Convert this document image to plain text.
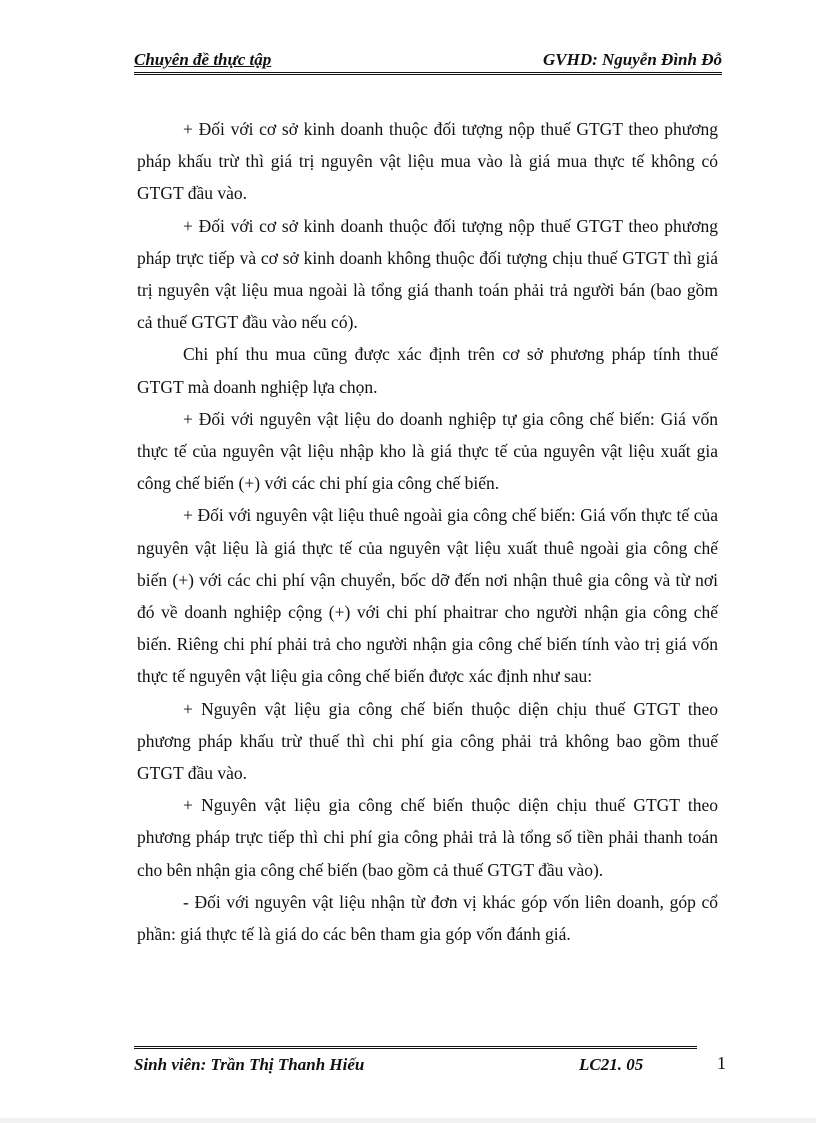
Chuyên đề thực tập	GVHD: Nguyễn Đình Đỗ

+ Đối với cơ sở kinh doanh thuộc đối tượng nộp thuế GTGT theo phương pháp khấu trừ thì giá trị nguyên vật liệu mua vào là giá mua thực tế không có GTGT đầu vào.

+ Đối với cơ sở kinh doanh thuộc đối tượng nộp thuế GTGT theo phương pháp trực tiếp và cơ sở kinh doanh không thuộc đối tượng chịu thuế GTGT thì giá trị nguyên vật liệu mua ngoài là tổng giá thanh toán phải trả người bán (bao gồm cả thuế GTGT đầu vào nếu có).

Chi phí thu mua cũng được xác định trên cơ sở phương pháp tính thuế GTGT mà doanh nghiệp lựa chọn.

+ Đối với nguyên vật liệu do doanh nghiệp tự gia công chế biến: Giá vốn thực tế của nguyên vật liệu nhập kho là giá thực tế của nguyên vật liệu xuất gia công chế biến (+) với các chi phí gia công chế biến.

+ Đối với nguyên vật liệu thuê ngoài gia công chế biến: Giá vốn thực tế của nguyên vật liệu là giá thực tế của nguyên vật liệu xuất thuê ngoài gia công chế biến (+) với các chi phí vận chuyển, bốc dỡ đến nơi nhận thuê gia công và từ nơi đó về doanh nghiệp cộng (+) với chi phí phaitrar cho người nhận gia công chế biến. Riêng chi phí phải trả cho người nhận gia công chế biến tính vào trị giá vốn thực tế nguyên vật liệu gia công chế biến được xác định như sau:

+ Nguyên vật liệu gia công chế biến thuộc diện chịu thuế GTGT theo phương pháp khấu trừ thuế thì chi phí gia công phải trả không bao gồm thuế GTGT đầu vào.

+ Nguyên vật liệu gia công chế biến thuộc diện chịu thuế GTGT theo phương pháp trực tiếp thì chi phí gia công phải trả là tổng số tiền phải thanh toán cho bên nhận gia công chế biến (bao gồm cả thuế GTGT đầu vào).

- Đối với nguyên vật liệu nhận từ đơn vị khác góp vốn liên doanh, góp cổ phần: giá thực tế là giá do các bên tham gia góp vốn đánh giá.

Sinh viên: Trần Thị Thanh Hiếu	LC21. 05	1
